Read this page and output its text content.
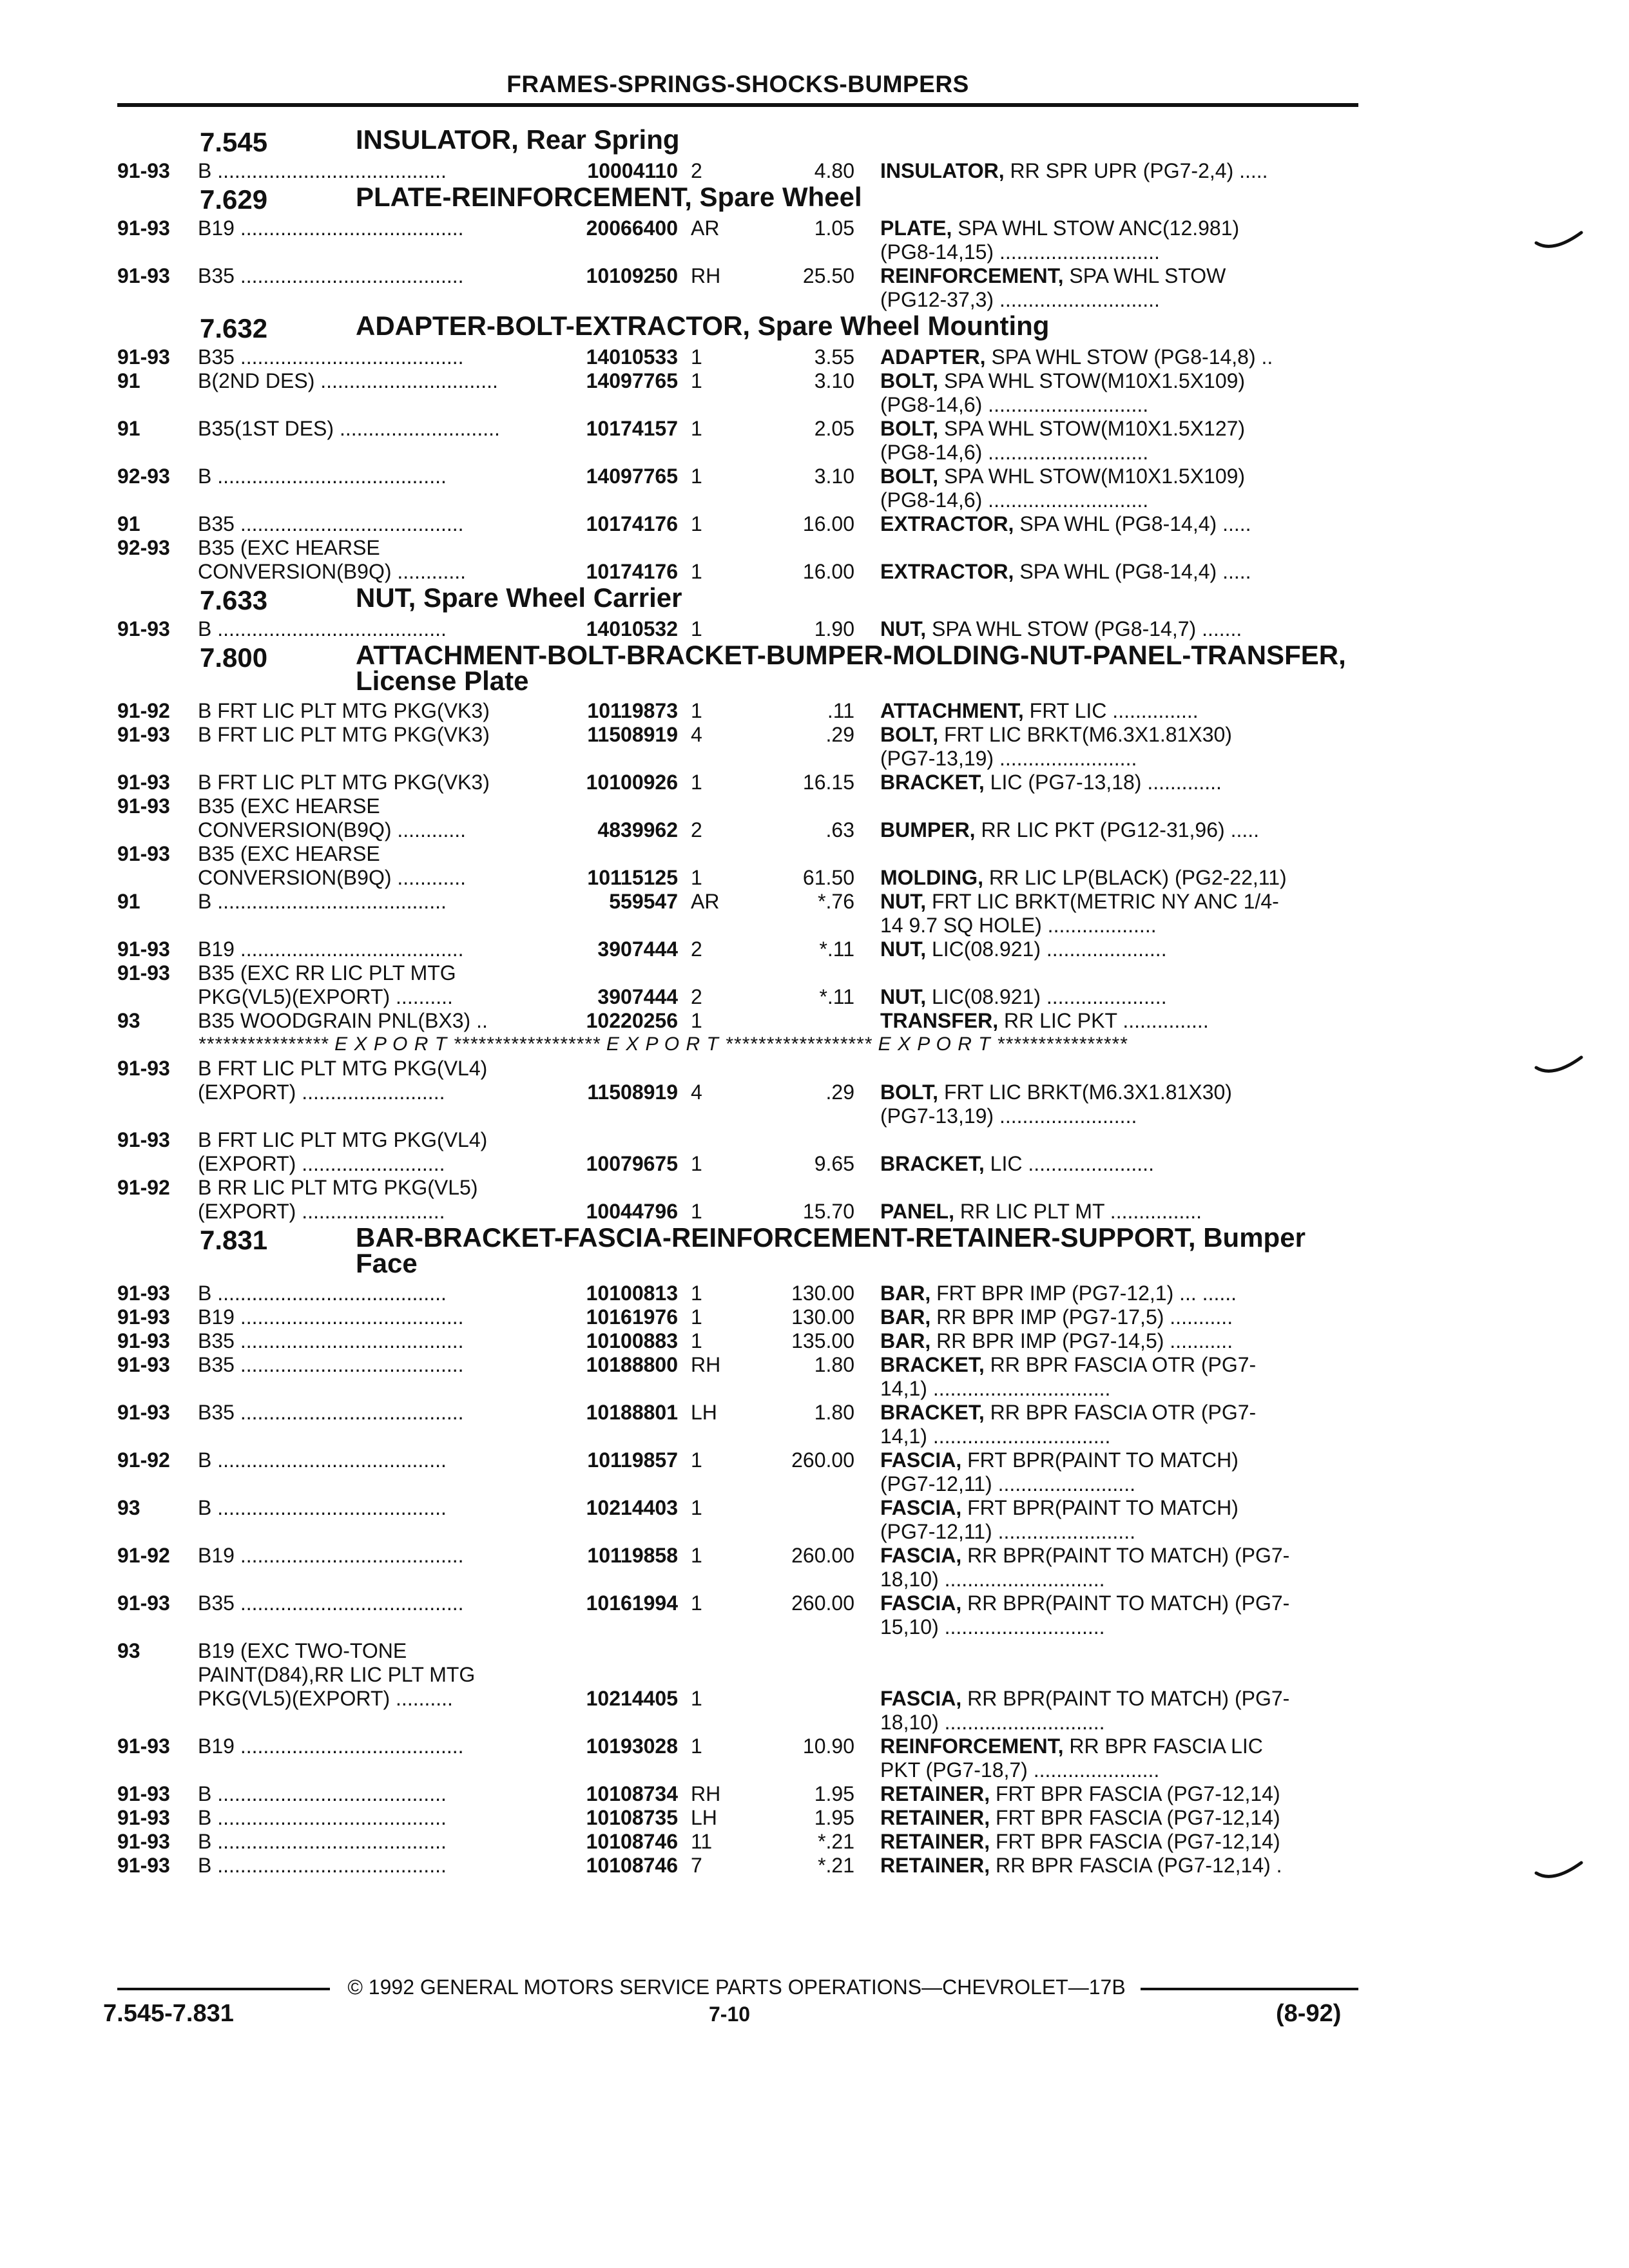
FRAMES-SPRINGS-SHOCKS-BUMPERS
7.545	INSULATOR, Rear Spring
91-93 B ........................................	10004110 2	4.80 INSULATOR, RR SPR UPR (PG7-2,4) .....
7.629	PLATE-REINFORCEMENT, Spare Wheel
91-93 B19 .......................................	20066400 AR	1.05 PLATE, SPA WHL STOW ANC(12.981)
(PG8-14,15) ............................
91-93 B35 .......................................	10109250 RH	25.50 REINFORCEMENT, SPA WHL STOW
(PG12-37,3) ............................
7.632	ADAPTER-BOLT-EXTRACTOR, Spare Wheel Mounting
91-93 B35 .......................................	14010533 1	3.55 ADAPTER, SPA WHL STOW (PG8-14,8) ..
91	B(2ND DES) ...............................	14097765 1	3.10 BOLT, SPA WHL STOW(M10X1.5X109)
(PG8-14,6) ............................
91	B35(1ST DES) ............................	10174157 1	2.05 BOLT, SPA WHL STOW(M10X1.5X127)
(PG8-14,6) ............................
92-93 B ........................................	14097765 1	3.10 BOLT, SPA WHL STOW(M10X1.5X109)
(PG8-14,6) ............................
91	B35 .......................................	10174176 1	16.00 EXTRACTOR, SPA WHL (PG8-14,4) .....
92-93 B35 (EXC HEARSE
CONVERSION(B9Q) ............	10174176 1	16.00 EXTRACTOR, SPA WHL (PG8-14,4) .....
7.633	NUT, Spare Wheel Carrier
91-93 B ........................................	14010532 1	1.90 NUT, SPA WHL STOW (PG8-14,7) .......
7.800	ATTACHMENT-BOLT-BRACKET-BUMPER-MOLDING-NUT-PANEL-TRANSFER, License Plate
91-92 B FRT LIC PLT MTG PKG(VK3)	10119873 1	.11 ATTACHMENT, FRT LIC ...............
91-93 B FRT LIC PLT MTG PKG(VK3)	11508919 4	.29 BOLT, FRT LIC BRKT(M6.3X1.81X30)
(PG7-13,19) ........................
91-93 B FRT LIC PLT MTG PKG(VK3)	10100926 1	16.15 BRACKET, LIC (PG7-13,18) .............
91-93 B35 (EXC HEARSE
CONVERSION(B9Q) ............	4839962 2	.63 BUMPER, RR LIC PKT (PG12-31,96) .....
91-93 B35 (EXC HEARSE
CONVERSION(B9Q) ............	10115125 1	61.50 MOLDING, RR LIC LP(BLACK) (PG2-22,11)
91	B ........................................	559547 AR	*.76 NUT, FRT LIC BRKT(METRIC NY ANC 1/4-
14 9.7 SQ HOLE) ...................
91-93 B19 .......................................	3907444 2	*.11 NUT, LIC(08.921) .....................
91-93 B35 (EXC RR LIC PLT MTG
PKG(VL5)(EXPORT) ..........	3907444 2	*.11 NUT, LIC(08.921) .....................
93	B35 WOODGRAIN PNL(BX3) ..	10220256 1	TRANSFER, RR LIC PKT ...............
**************** E X P O R T ****************** E X P O R T ****************** E X P O R T ****************
91-93 B FRT LIC PLT MTG PKG(VL4)
(EXPORT) .........................	11508919 4	.29 BOLT, FRT LIC BRKT(M6.3X1.81X30)
(PG7-13,19) ........................
91-93 B FRT LIC PLT MTG PKG(VL4)
(EXPORT) .........................	10079675 1	9.65 BRACKET, LIC ......................
91-92 B RR LIC PLT MTG PKG(VL5)
(EXPORT) .........................	10044796 1	15.70 PANEL, RR LIC PLT MT ................
7.831	BAR-BRACKET-FASCIA-REINFORCEMENT-RETAINER-SUPPORT, Bumper Face
91-93 B ........................................	10100813 1	130.00 BAR, FRT BPR IMP (PG7-12,1) ... ......
91-93 B19 .......................................	10161976 1	130.00 BAR, RR BPR IMP (PG7-17,5) ...........
91-93 B35 .......................................	10100883 1	135.00 BAR, RR BPR IMP (PG7-14,5) ...........
91-93 B35 .......................................	10188800 RH	1.80 BRACKET, RR BPR FASCIA OTR (PG7-
14,1) ...............................
91-93 B35 .......................................	10188801 LH	1.80 BRACKET, RR BPR FASCIA OTR (PG7-
14,1) ...............................
91-92 B ........................................	10119857 1	260.00 FASCIA, FRT BPR(PAINT TO MATCH)
(PG7-12,11) ........................
93	B ........................................	10214403 1	FASCIA, FRT BPR(PAINT TO MATCH)
(PG7-12,11) ........................
91-92 B19 .......................................	10119858 1	260.00 FASCIA, RR BPR(PAINT TO MATCH) (PG7-
18,10) ............................
91-93 B35 .......................................	10161994 1	260.00 FASCIA, RR BPR(PAINT TO MATCH) (PG7-
15,10) ............................
93	B19 (EXC TWO-TONE
PAINT(D84),RR LIC PLT MTG
PKG(VL5)(EXPORT) ..........	10214405 1	FASCIA, RR BPR(PAINT TO MATCH) (PG7-
18,10) ............................
91-93 B19 .......................................	10193028 1	10.90 REINFORCEMENT, RR BPR FASCIA LIC
PKT (PG7-18,7) ......................
91-93 B ........................................	10108734 RH	1.95 RETAINER, FRT BPR FASCIA (PG7-12,14)
91-93 B ........................................	10108735 LH	1.95 RETAINER, FRT BPR FASCIA (PG7-12,14)
91-93 B ........................................	10108746 11	*.21 RETAINER, FRT BPR FASCIA (PG7-12,14)
91-93 B ........................................	10108746 7	*.21 RETAINER, RR BPR FASCIA (PG7-12,14) .
© 1992 GENERAL MOTORS SERVICE PARTS OPERATIONS—CHEVROLET—17B
7.545-7.831	7-10	(8-92)
